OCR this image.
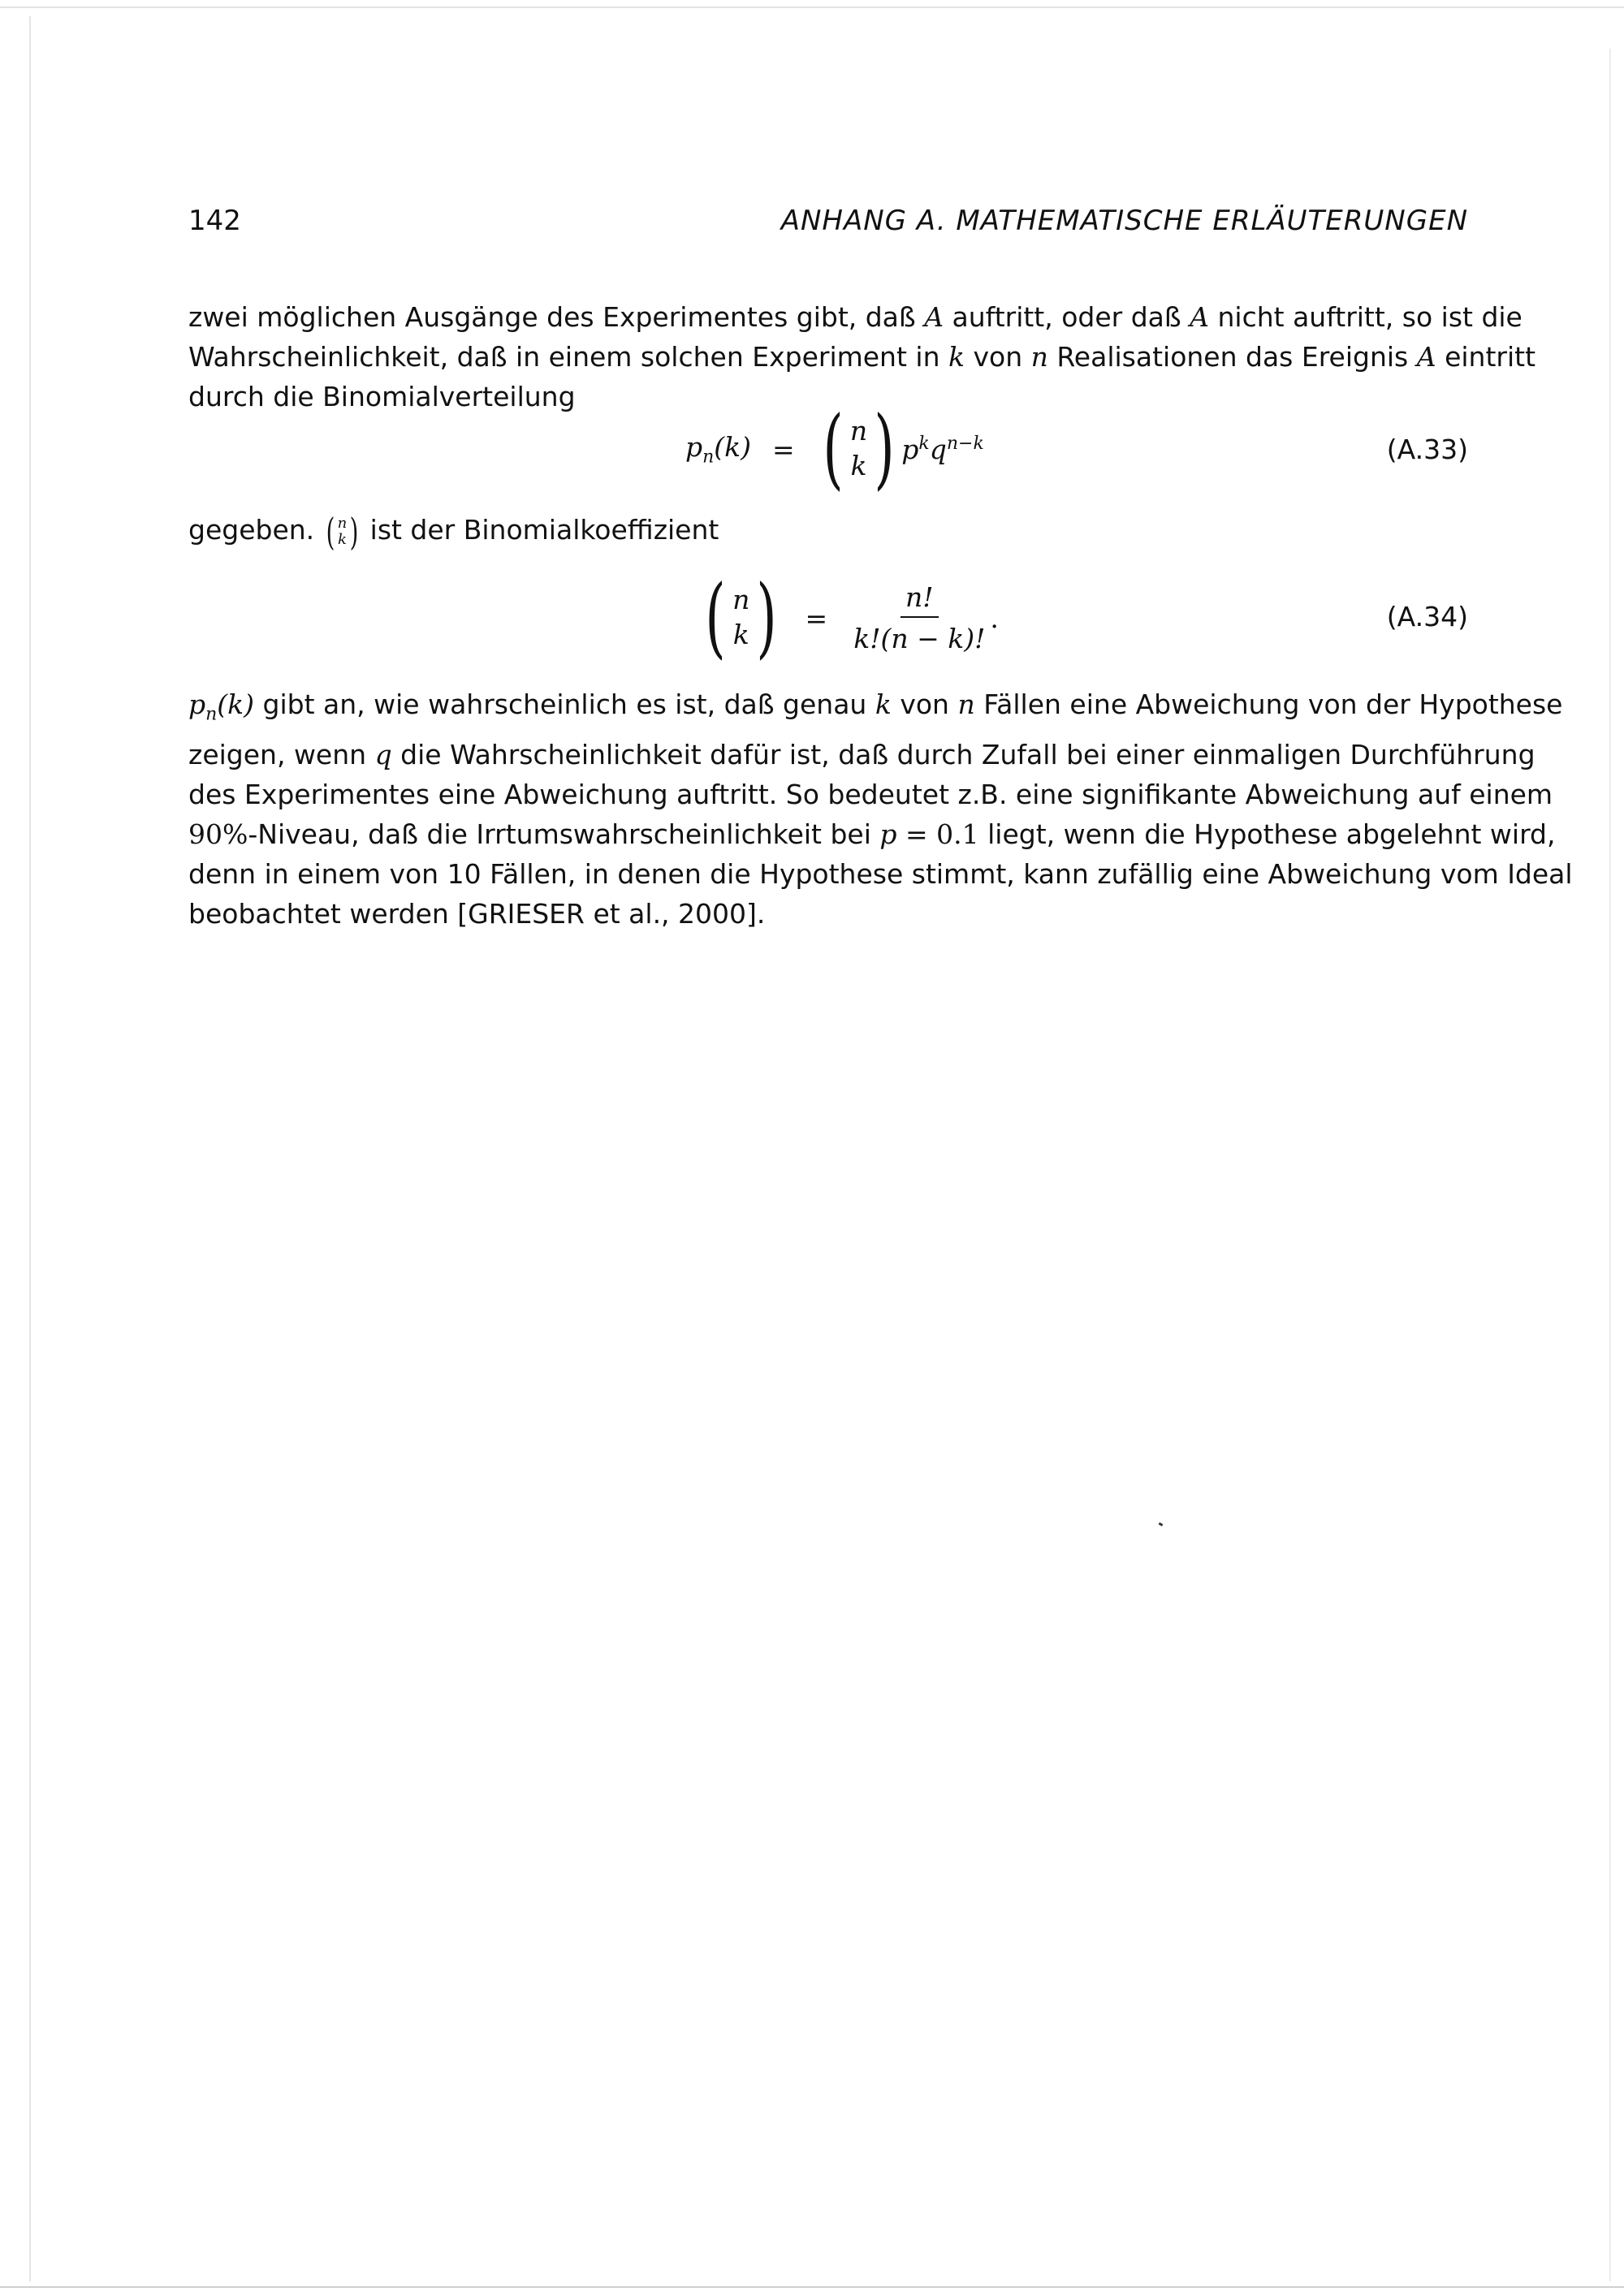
142	ANHANG A. MATHEMATISCHE ERLÄUTERUNGEN
zwei möglichen Ausgänge des Experimentes gibt, daß A auftritt, oder daß A nicht auftritt, so ist die
Wahrscheinlichkeit, daß in einem solchen Experiment in k von n Realisationen das Ereignis A eintritt
durch die Binomialverteilung
$p_n(k)$ = ( n
k ) $p^kq^{n-k}$	(A.33)
gegeben. ( n
k ) ist der Binomialkoeffizient
( n
k ) = $\frac{n!}{k!(n - k)!}$ .	(A.34)
$p_n(k)$ gibt an, wie wahrscheinlich es ist, daß genau k von n Fällen eine Abweichung von der Hypothese
zeigen, wenn q die Wahrscheinlichkeit dafür ist, daß durch Zufall bei einer einmaligen Durchführung
des Experimentes eine Abweichung auftritt. So bedeutet z.B. eine signifikante Abweichung auf einem
90%-Niveau, daß die Irrtumswahrscheinlichkeit bei p = 0.1 liegt, wenn die Hypothese abgelehnt wird,
denn in einem von 10 Fällen, in denen die Hypothese stimmt, kann zufällig eine Abweichung vom Ideal
beobachtet werden [GRIESER et al., 2000].
